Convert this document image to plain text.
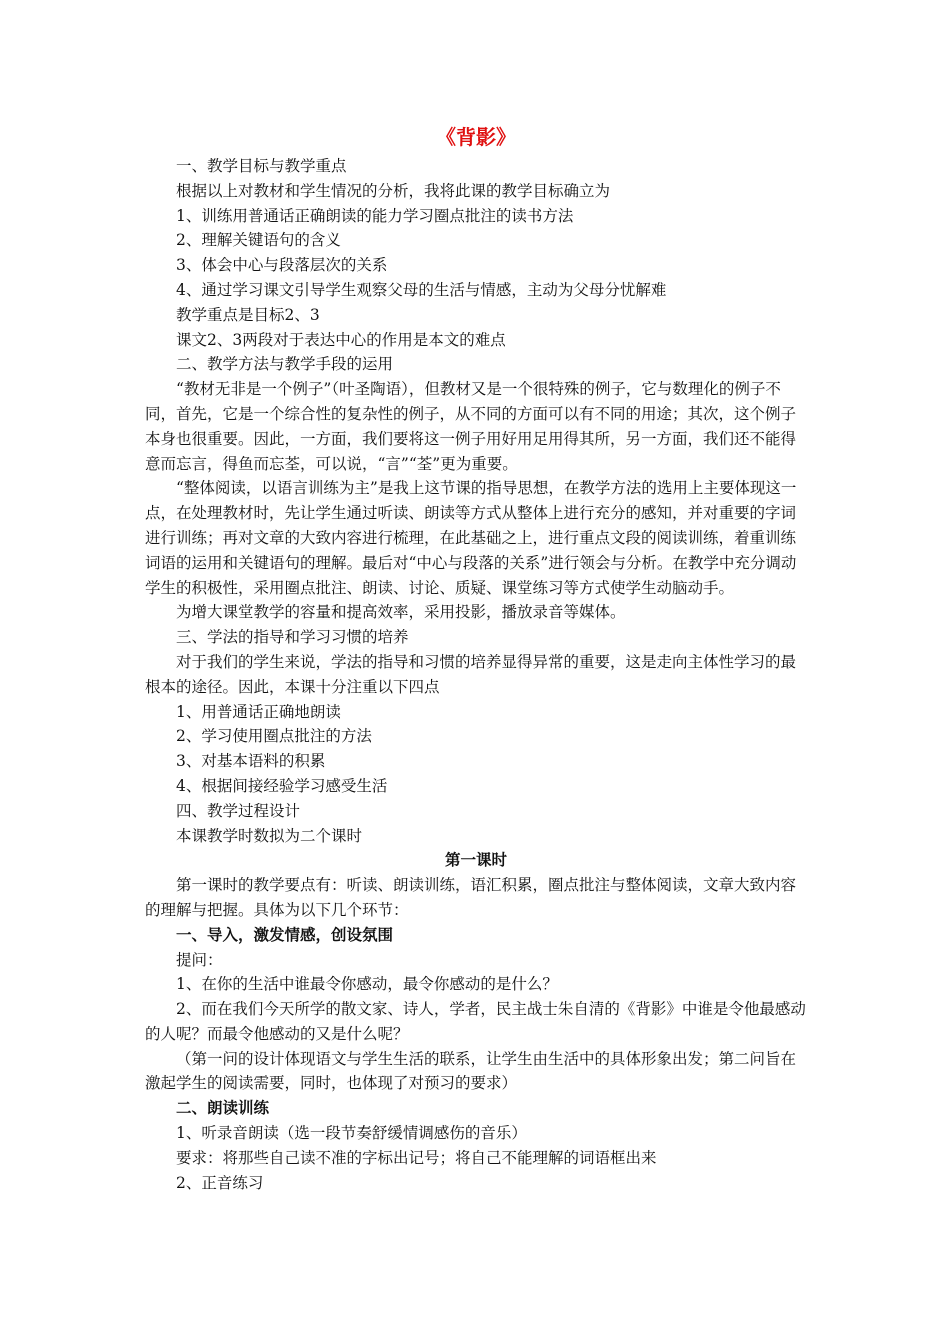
《背影》

一、教学目标与教学重点

根据以上对教材和学生情况的分析，我将此课的教学目标确立为

1、训练用普通话正确朗读的能力学习圈点批注的读书方法

2、理解关键语句的含义

3、体会中心与段落层次的关系

4、通过学习课文引导学生观察父母的生活与情感，主动为父母分忧解难

教学重点是目标2、3

课文2、3两段对于表达中心的作用是本文的难点

二、教学方法与教学手段的运用

“教材无非是一个例子”（叶圣陶语），但教材又是一个很特殊的例子，它与数理化的例子不同，首先，它是一个综合性的复杂性的例子，从不同的方面可以有不同的用途；其次，这个例子本身也很重要。因此，一方面，我们要将这一例子用好用足用得其所，另一方面，我们还不能得意而忘言，得鱼而忘荃，可以说，“言”“荃”更为重要。

“整体阅读，以语言训练为主”是我上这节课的指导思想，在教学方法的选用上主要体现这一点，在处理教材时，先让学生通过听读、朗读等方式从整体上进行充分的感知，并对重要的字词进行训练；再对文章的大致内容进行梳理，在此基础之上，进行重点文段的阅读训练，着重训练词语的运用和关键语句的理解。最后对“中心与段落的关系”进行领会与分析。在教学中充分调动学生的积极性，采用圈点批注、朗读、讨论、质疑、课堂练习等方式使学生动脑动手。

为增大课堂教学的容量和提高效率，采用投影，播放录音等媒体。

三、学法的指导和学习习惯的培养

对于我们的学生来说，学法的指导和习惯的培养显得异常的重要，这是走向主体性学习的最根本的途径。因此，本课十分注重以下四点

1、用普通话正确地朗读

2、学习使用圈点批注的方法

3、对基本语料的积累

4、根据间接经验学习感受生活

四、教学过程设计

本课教学时数拟为二个课时

第一课时

第一课时的教学要点有：听读、朗读训练，语汇积累，圈点批注与整体阅读，文章大致内容的理解与把握。具体为以下几个环节：

一、导入，激发情感，创设氛围

提问：

1、在你的生活中谁最令你感动，最令你感动的是什么？

2、而在我们今天所学的散文家、诗人，学者，民主战士朱自清的《背影》中谁是令他最感动的人呢？而最令他感动的又是什么呢？

（第一问的设计体现语文与学生生活的联系，让学生由生活中的具体形象出发；第二问旨在激起学生的阅读需要，同时，也体现了对预习的要求）

二、朗读训练

1、听录音朗读（选一段节奏舒缓情调感伤的音乐）

要求：将那些自己读不准的字标出记号；将自己不能理解的词语框出来

2、正音练习
